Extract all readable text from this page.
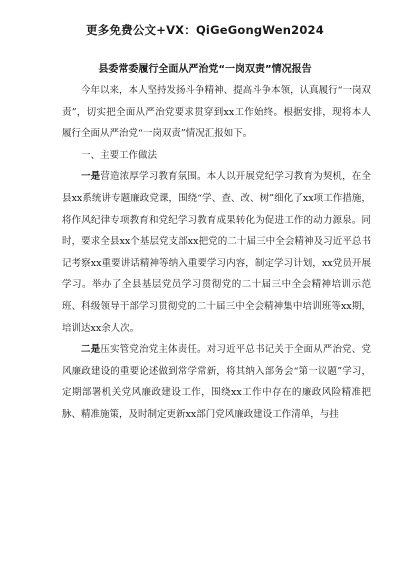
更多免费公文+VX：QiGeGongWen2024
县委常委履行全面从严治党“一岗双责”情况报告

今年以来，本人坚持发扬斗争精神、提高斗争本领，认真履行“一岗双责”，切实把全面从严治党要求贯穿到xx工作始终。根据安排，现将本人履行全面从严治党“一岗双责”情况汇报如下。

一、主要工作做法

一是营造浓厚学习教育氛围。本人以开展党纪学习教育为契机，在全县xx系统讲专题廉政党课，围绕“学、查、改、树”细化了xx项工作措施，将作风纪律专项教育和党纪学习教育成果转化为促进工作的动力源泉。同时，要求全县xx个基层党支部xx把党的二十届三中全会精神及习近平总书记考察xx重要讲话精神等纳入重要学习内容，制定学习计划，xx党员开展学习。举办了全县基层党员学习贯彻党的二十届三中全会精神培训示范班、科级领导干部学习贯彻党的二十届三中全会精神集中培训班等xx期，培训达xx余人次。

二是压实管党治党主体责任。对习近平总书记关于全面从严治党、党风廉政建设的重要论述做到常学常新，将其纳入部务会“第一议题”学习，定期部署机关党风廉政建设工作，围绕xx工作中存在的廉政风险精准把脉、精准施策，及时制定更新xx部门党风廉政建设工作清单，与挂
